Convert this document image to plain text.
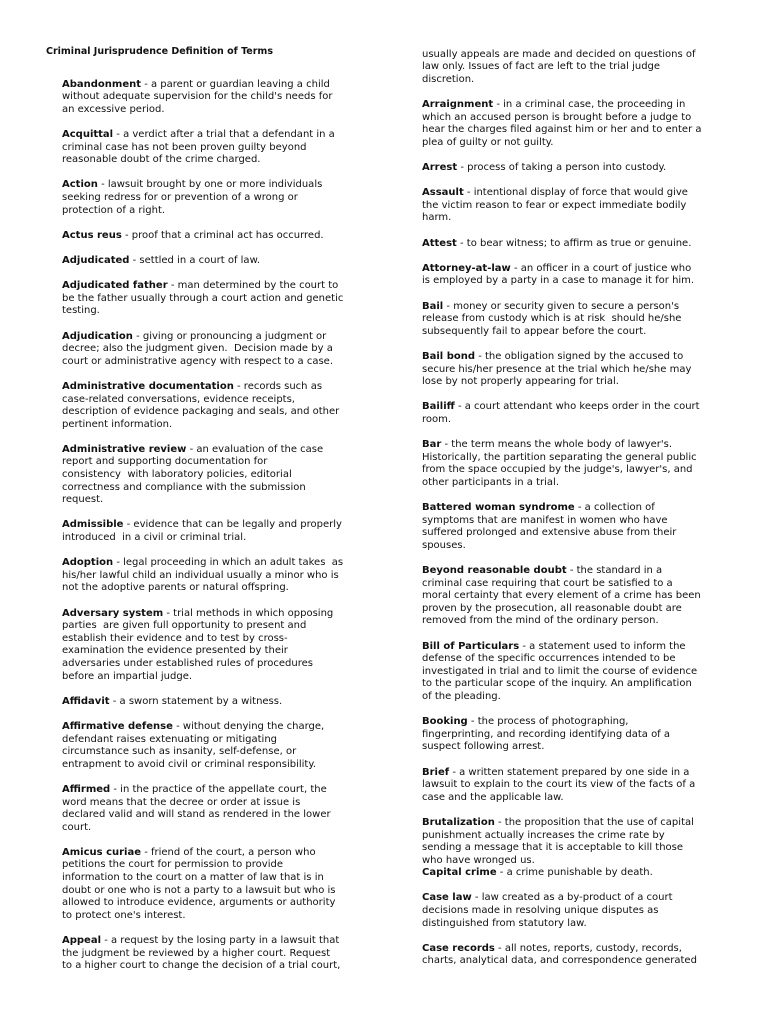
Criminal Jurisprudence Definition of Terms

Abandonment - a parent or guardian leaving a child
without adequate supervision for the child's needs for
an excessive period.

Acquittal - a verdict after a trial that a defendant in a
criminal case has not been proven guilty beyond
reasonable doubt of the crime charged.

Action - lawsuit brought by one or more individuals
seeking redress for or prevention of a wrong or
protection of a right.

Actus reus - proof that a criminal act has occurred.

Adjudicated - settled in a court of law.

Adjudicated father - man determined by the court to
be the father usually through a court action and genetic
testing.

Adjudication - giving or pronouncing a judgment or
decree; also the judgment given.  Decision made by a
court or administrative agency with respect to a case.

Administrative documentation - records such as
case-related conversations, evidence receipts,
description of evidence packaging and seals, and other
pertinent information.

Administrative review - an evaluation of the case
report and supporting documentation for
consistency  with laboratory policies, editorial
correctness and compliance with the submission
request.

Admissible - evidence that can be legally and properly
introduced  in a civil or criminal trial.

Adoption - legal proceeding in which an adult takes  as
his/her lawful child an individual usually a minor who is
not the adoptive parents or natural offspring.

Adversary system - trial methods in which opposing
parties  are given full opportunity to present and
establish their evidence and to test by cross-
examination the evidence presented by their
adversaries under established rules of procedures
before an impartial judge.

Affidavit - a sworn statement by a witness.

Affirmative defense - without denying the charge,
defendant raises extenuating or mitigating
circumstance such as insanity, self-defense, or
entrapment to avoid civil or criminal responsibility.

Affirmed - in the practice of the appellate court, the
word means that the decree or order at issue is
declared valid and will stand as rendered in the lower
court.

Amicus curiae - friend of the court, a person who
petitions the court for permission to provide
information to the court on a matter of law that is in
doubt or one who is not a party to a lawsuit but who is
allowed to introduce evidence, arguments or authority
to protect one's interest.

Appeal - a request by the losing party in a lawsuit that
the judgment be reviewed by a higher court. Request
to a higher court to change the decision of a trial court,

usually appeals are made and decided on questions of
law only. Issues of fact are left to the trial judge
discretion.

Arraignment - in a criminal case, the proceeding in
which an accused person is brought before a judge to
hear the charges filed against him or her and to enter a
plea of guilty or not guilty.

Arrest - process of taking a person into custody.

Assault - intentional display of force that would give
the victim reason to fear or expect immediate bodily
harm.

Attest - to bear witness; to affirm as true or genuine.

Attorney-at-law - an officer in a court of justice who
is employed by a party in a case to manage it for him.

Bail - money or security given to secure a person's
release from custody which is at risk  should he/she
subsequently fail to appear before the court.

Bail bond - the obligation signed by the accused to
secure his/her presence at the trial which he/she may
lose by not properly appearing for trial.

Bailiff - a court attendant who keeps order in the court
room.

Bar - the term means the whole body of lawyer's.
Historically, the partition separating the general public
from the space occupied by the judge's, lawyer's, and
other participants in a trial.

Battered woman syndrome - a collection of
symptoms that are manifest in women who have
suffered prolonged and extensive abuse from their
spouses.

Beyond reasonable doubt - the standard in a
criminal case requiring that court be satisfied to a
moral certainty that every element of a crime has been
proven by the prosecution, all reasonable doubt are
removed from the mind of the ordinary person.

Bill of Particulars - a statement used to inform the
defense of the specific occurrences intended to be
investigated in trial and to limit the course of evidence
to the particular scope of the inquiry. An amplification
of the pleading.

Booking - the process of photographing,
fingerprinting, and recording identifying data of a
suspect following arrest.

Brief - a written statement prepared by one side in a
lawsuit to explain to the court its view of the facts of a
case and the applicable law.

Brutalization - the proposition that the use of capital
punishment actually increases the crime rate by
sending a message that it is acceptable to kill those
who have wronged us.

Capital crime - a crime punishable by death.

Case law - law created as a by-product of a court
decisions made in resolving unique disputes as
distinguished from statutory law.

Case records - all notes, reports, custody, records,
charts, analytical data, and correspondence generated
